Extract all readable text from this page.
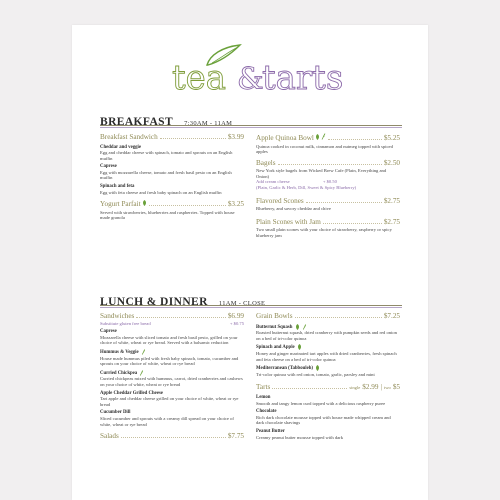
tea &
tarts
BREAKFAST 7:30AM - 11AM
Breakfast Sandwich	$3.99
Cheddar and veggie
Egg and cheddar cheese with spinach, tomato and sprouts on an English muffin
Caprese
Egg with mozzarella cheese, tomato and fresh basil pesto on an English muffin
Spinach and feta
Egg with feta cheese and fresh baby spinach on an English muffin
Yogurt Parfait	$3.25
Served with strawberries, blueberries and raspberries. Topped with house made granola
Apple Quinoa Bowl	$5.25
Quinoa cooked in coconut milk, cinnamon and nutmeg topped with spiced apples
Bagels	$2.50
New York style bagels from Wicked Brew Cafe (Plain, Everything and Onion)
Add cream cheese	+ $0.50
(Plain, Garlic & Herb, Dill, Sweet & Spicy Blueberry)
Flavored Scones	$2.75
Blueberry, and savory cheddar and chive
Plain Scones with Jam	$2.75
Two small plain scones with your choice of strawberry, raspberry or spicy blueberry jam
LUNCH & DINNER 11AM - CLOSE
Sandwiches	$6.99
Substitute gluten free bread	+ $0.75
Caprese
Mozzarella cheese with sliced tomato and fresh basil pesto, grilled on your choice of white, wheat or rye bread. Served with a balsamic reduction
Hummus & Veggie
House made hummus piled with fresh baby spinach, tomato, cucumber and sprouts on your choice of white, wheat or rye bread
Curried Chickpea
Curried chickpeas mixed with hummus, carrot, dried cranberries and cashews on your choice of white, wheat or rye bread
Apple Cheddar Grilled Cheese
Tart apple and cheddar cheese grilled on your choice of white, wheat or rye bread
Cucumber Dill
Sliced cucumber and sprouts with a creamy dill spread on your choice of white, wheat or rye bread
Salads	$7.75
Grain Bowls	$7.25
Butternut Squash
Roasted butternut squash, dried cranberry with pumpkin seeds and red onion on a bed of tri-color quinoa
Spinach and Apple
Honey and ginger marinated tart apples with dried cranberries, fresh spinach and feta cheese on a bed of tri-color quinoa
Mediterranean (Tabbouleh)
Tri-color quinoa with red onion, tomato, garlic, parsley and mint
Tarts	single $2.99 | two $5
Lemon
Smooth and tangy lemon curd topped with a delicious raspberry puree
Chocolate
Rich dark chocolate mousse topped with house made whipped cream and dark chocolate shavings
Peanut Butter
Creamy peanut butter mousse topped with dark
